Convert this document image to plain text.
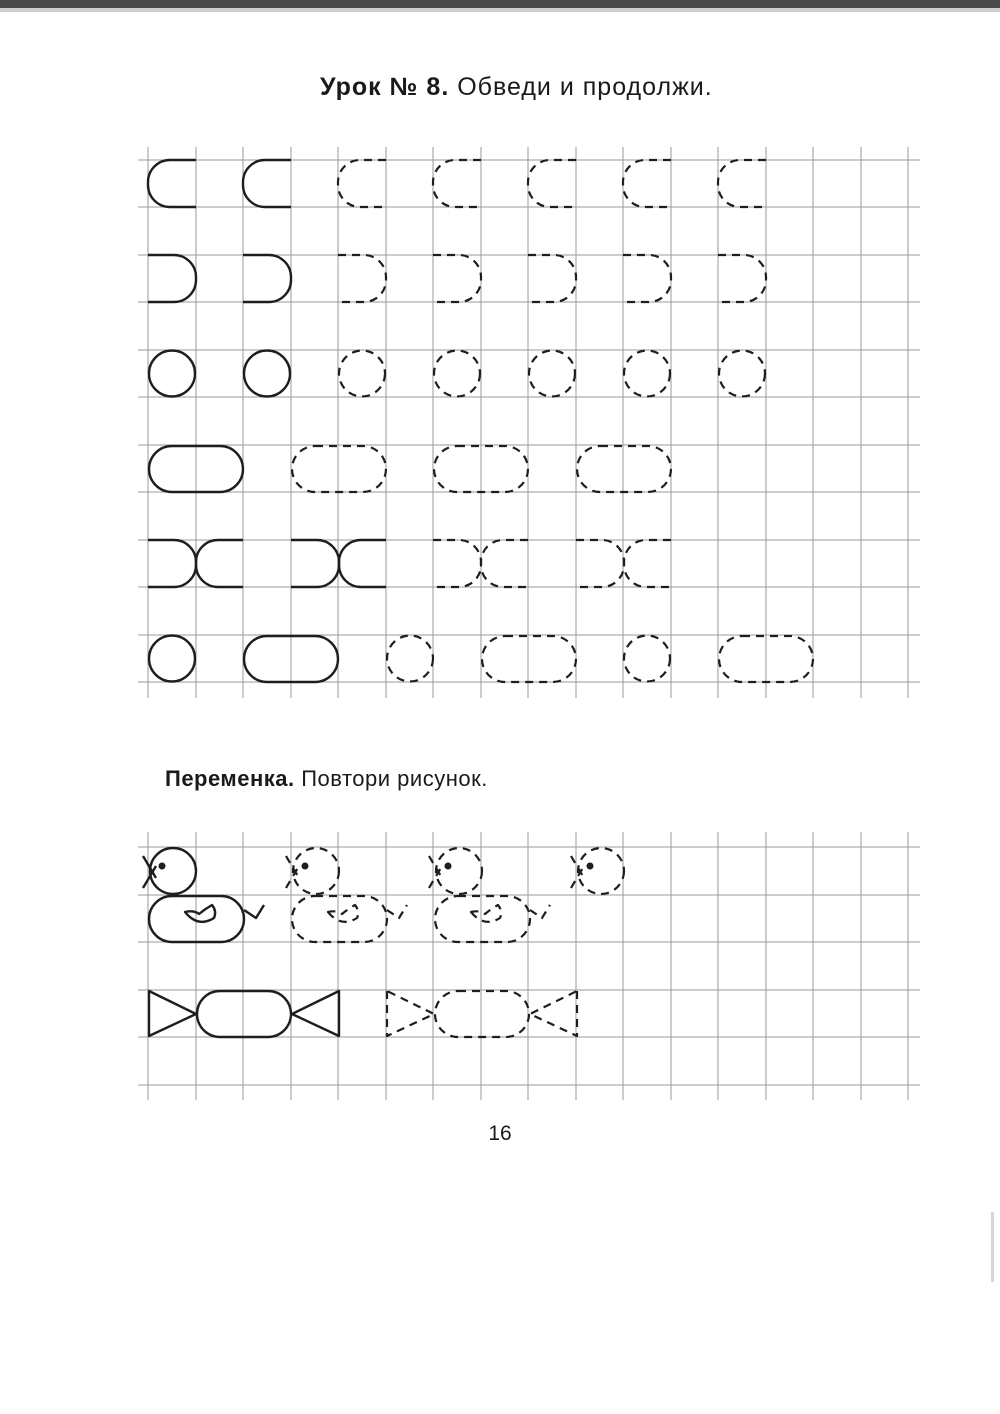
Урок № 8. Обведи и продолжи.
Переменка. Повтори рисунок.
16
